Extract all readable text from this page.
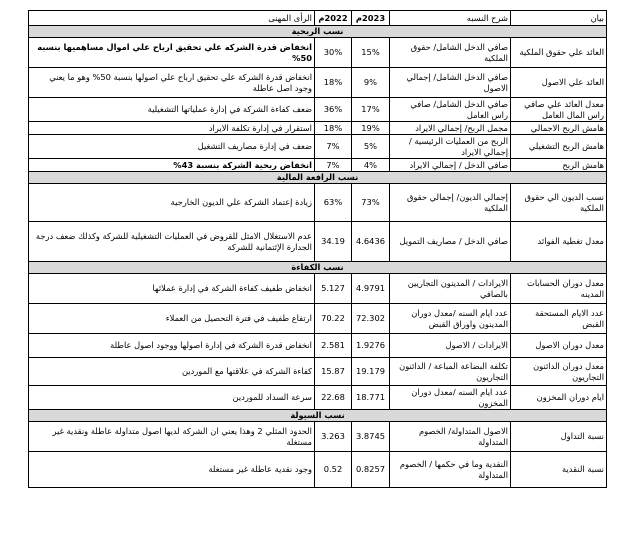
بيان	شرح النسبه	2023م	2022م	الرأى المهنى
نسب الربحية				
العائد علي حقوق الملكية	صافي الدخل الشامل/ حقوق الملكية	15%	30%	انخفاض قدرة الشركه علي تحقيق ارباح علي اموال مساهميها بنسبه 50%
العائد علي الاصول	صافي الدخل الشامل/ إجمالي الاصول	9%	18%	انخفاض قدرة الشركة علي تحقيق ارباح علي اصولها بنسبة 50% وهو ما يعني وجود اصل عاطلة
معدل العائد علي صافي راس المال العامل	صافي الدخل الشامل/ صافي راس العامل	17%	36%	ضعف كفاءة الشركة في إدارة عملياتها التشغيلية
هامش الربح الاجمالي	مجمل الربح/ إجمالي الايراد	19%	18%	استقرار في إدارة تكلفة الايراد
هامش الربح التشغيلي	الربح من العمليات الرئيسية / إجمالي الايراد	5%	7%	ضعف في إدارة مصاريف التشغيل
هامش الربح	صافي الدخل / إجمالي الايراد	4%	7%	انخفاض ربحية الشركة بنسبة 43%
نسب الرافعة المالية				
نسب الديون الي حقوق الملكية	إجمالي الديون/ إجمالي حقوق الملكية	73%	63%	زيادة إعتماد الشركة علي الديون الخارجية
معدل تغطية الفوائد	صافي الدخل / مصاريف التمويل	4.6436	34.19	عدم الاستغلال الامثل للقروض في العمليات التشغيلية للشركة وكذلك ضعف درجة الجدارة الإئتمانية للشركة
نسب الكفاءة				
معدل دوران الحسابات المدينه	الايرادات / المدينون التجاريين بالصافي	4.9791	5.127	انخفاض طفيف كفاءة الشركة في إدارة عملائها
عدد الايام المستحقة القبض	عدد ايام السنه /معدل دوران المدينون واوراق القبض	72.302	70.22	ارتفاع طفيف في فترة التحصيل من العملاء
معدل دوران الاصول	الايرادات / الاصول	1.9276	2.581	انخفاض قدرة الشركة في إدارة اصولها ووجود اصول عاطلة
معدل دوران الدائنون التجاريون	تكلفة البضاعة المباعة / الدائنون التجاريون	19.179	15.87	كفاءة الشركة في علاقتها مع الموردين
ايام دوران المخزون	عدد ايام السنه /معدل دوران المخزون	18.771	22.68	سرعة السداد للموردين
نسب السيولة				
نسبة التداول	الاصول المتداولة/ الخصوم المتداولة	3.8745	3.263	الحدود المثلي 2 وهذا يعني ان الشركة لديها اصول متداولة عاطلة ونقدية غير مستغلة
نسبة النقدية	النقدية وما في حكمها / الخصوم المتداولة	0.8257	0.52	وجود نقدية عاطلة غير مستغلة
